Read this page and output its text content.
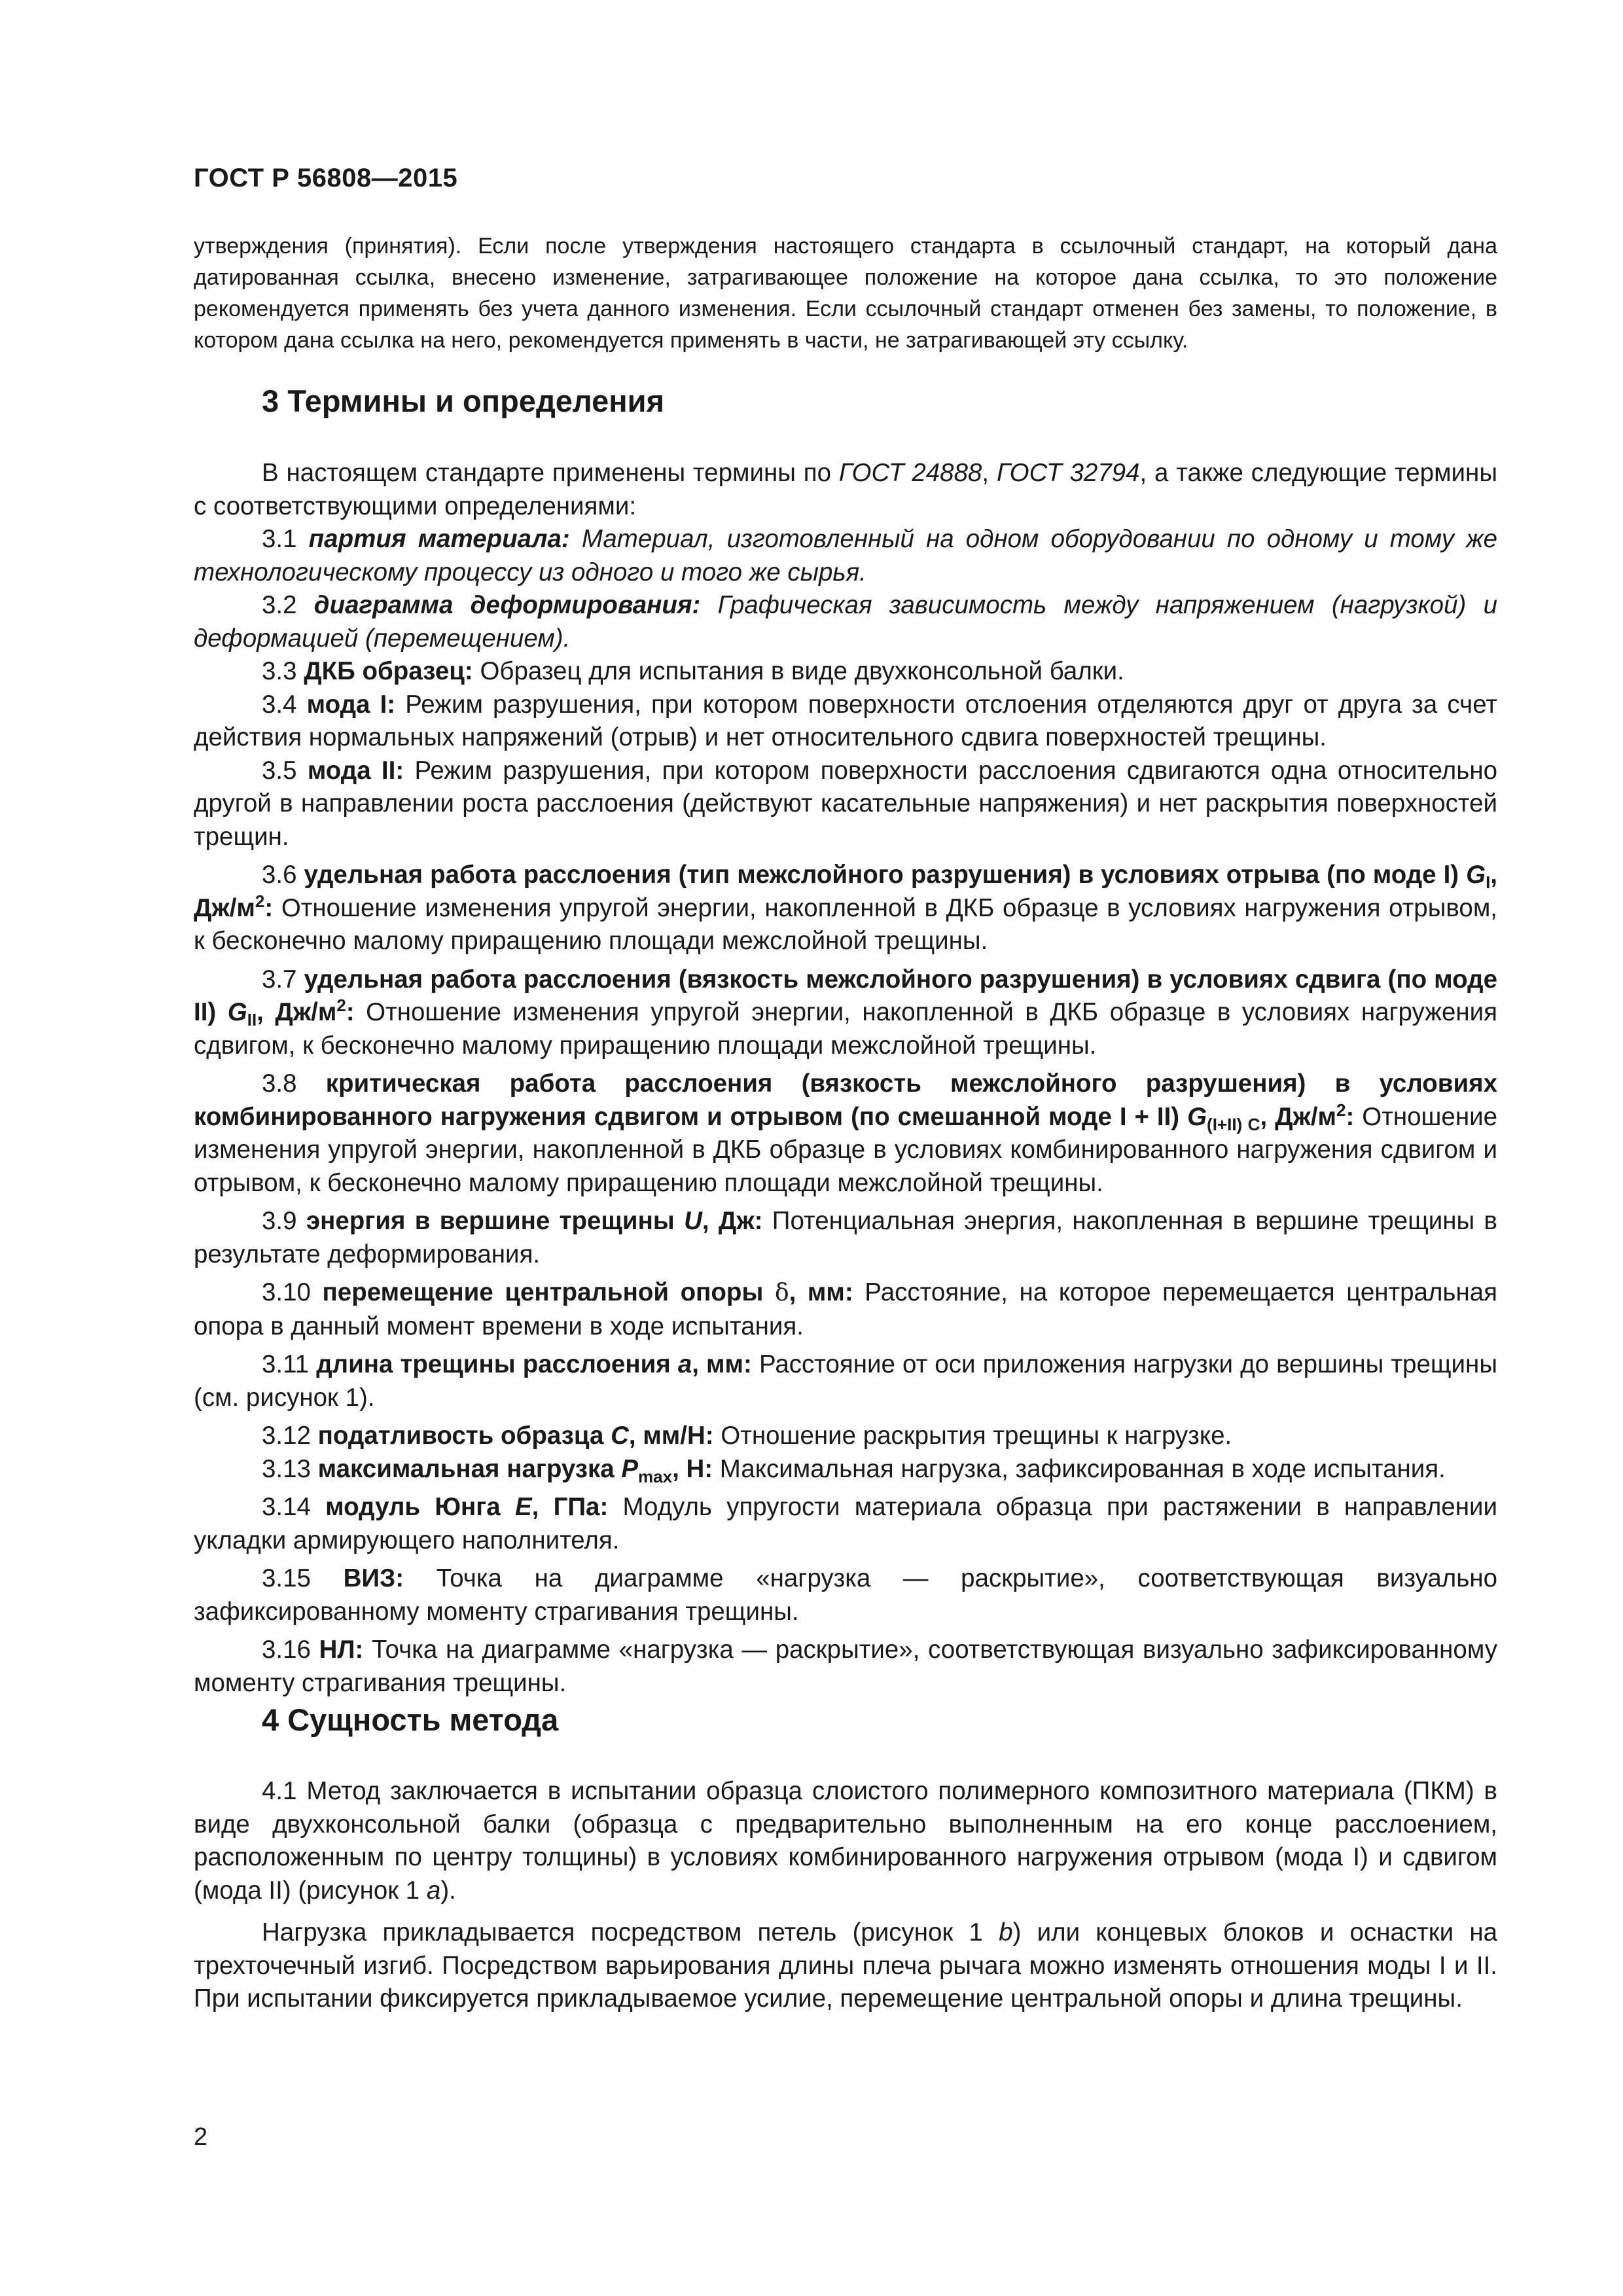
ГОСТ Р 56808—2015
утверждения (принятия). Если после утверждения настоящего стандарта в ссылочный стандарт, на который дана датированная ссылка, внесено изменение, затрагивающее положение на которое дана ссылка, то это положение рекомендуется применять без учета данного изменения. Если ссылочный стандарт отменен без замены, то положение, в котором дана ссылка на него, рекомендуется применять в части, не затрагивающей эту ссылку.
3 Термины и определения

В настоящем стандарте применены термины по ГОСТ 24888, ГОСТ 32794, а также следующие термины с соответствующими определениями:

3.1 партия материала: Материал, изготовленный на одном оборудовании по одному и тому же технологическому процессу из одного и того же сырья.

3.2 диаграмма деформирования: Графическая зависимость между напряжением (нагрузкой) и деформацией (перемещением).

3.3 ДКБ образец: Образец для испытания в виде двухконсольной балки.

3.4 мода I: Режим разрушения, при котором поверхности отслоения отделяются друг от друга за счет действия нормальных напряжений (отрыв) и нет относительного сдвига поверхностей трещины.

3.5 мода II: Режим разрушения, при котором поверхности расслоения сдвигаются одна относительно другой в направлении роста расслоения (действуют касательные напряжения) и нет раскрытия поверхностей трещин.

3.6 удельная работа расслоения (тип межслойного разрушения) в условиях отрыва (по моде I) $G_I$, $Дж/м^2$: Отношение изменения упругой энергии, накопленной в ДКБ образце в условиях нагружения отрывом, к бесконечно малому приращению площади межслойной трещины.

3.7 удельная работа расслоения (вязкость межслойного разрушения) в условиях сдвига (по моде II) $G_{II}$, $Дж/м^2$: Отношение изменения упругой энергии, накопленной в ДКБ образце в условиях нагружения сдвигом, к бесконечно малому приращению площади межслойной трещины.

3.8 критическая работа расслоения (вязкость межслойного разрушения) в условиях комбинированного нагружения сдвигом и отрывом (по смешанной моде I + II) $G_{(I+II) C}$, $Дж/м^2$: Отношение изменения упругой энергии, накопленной в ДКБ образце в условиях комбинированного нагружения сдвигом и отрывом, к бесконечно малому приращению площади межслойной трещины.

3.9 энергия в вершине трещины U, Дж: Потенциальная энергия, накопленная в вершине трещины в результате деформирования.

3.10 перемещение центральной опоры δ, мм: Расстояние, на которое перемещается центральная опора в данный момент времени в ходе испытания.

3.11 длина трещины расслоения a, мм: Расстояние от оси приложения нагрузки до вершины трещины (см. рисунок 1).

3.12 податливость образца C, мм/Н: Отношение раскрытия трещины к нагрузке.

3.13 максимальная нагрузка $P_{max}$, Н: Максимальная нагрузка, зафиксированная в ходе испытания.

3.14 модуль Юнга E, ГПа: Модуль упругости материала образца при растяжении в направлении укладки армирующего наполнителя.

3.15 ВИЗ: Точка на диаграмме «нагрузка — раскрытие», соответствующая визуально зафиксированному моменту страгивания трещины.

3.16 НЛ: Точка на диаграмме «нагрузка — раскрытие», соответствующая визуально зафиксированному моменту страгивания трещины.

4 Сущность метода

4.1 Метод заключается в испытании образца слоистого полимерного композитного материала (ПКМ) в виде двухконсольной балки (образца с предварительно выполненным на его конце расслоением, расположенным по центру толщины) в условиях комбинированного нагружения отрывом (мода I) и сдвигом (мода II) (рисунок 1 а).

Нагрузка прикладывается посредством петель (рисунок 1 b) или концевых блоков и оснастки на трехточечный изгиб. Посредством варьирования длины плеча рычага можно изменять отношения моды I и II. При испытании фиксируется прикладываемое усилие, перемещение центральной опоры и длина трещины.

2
